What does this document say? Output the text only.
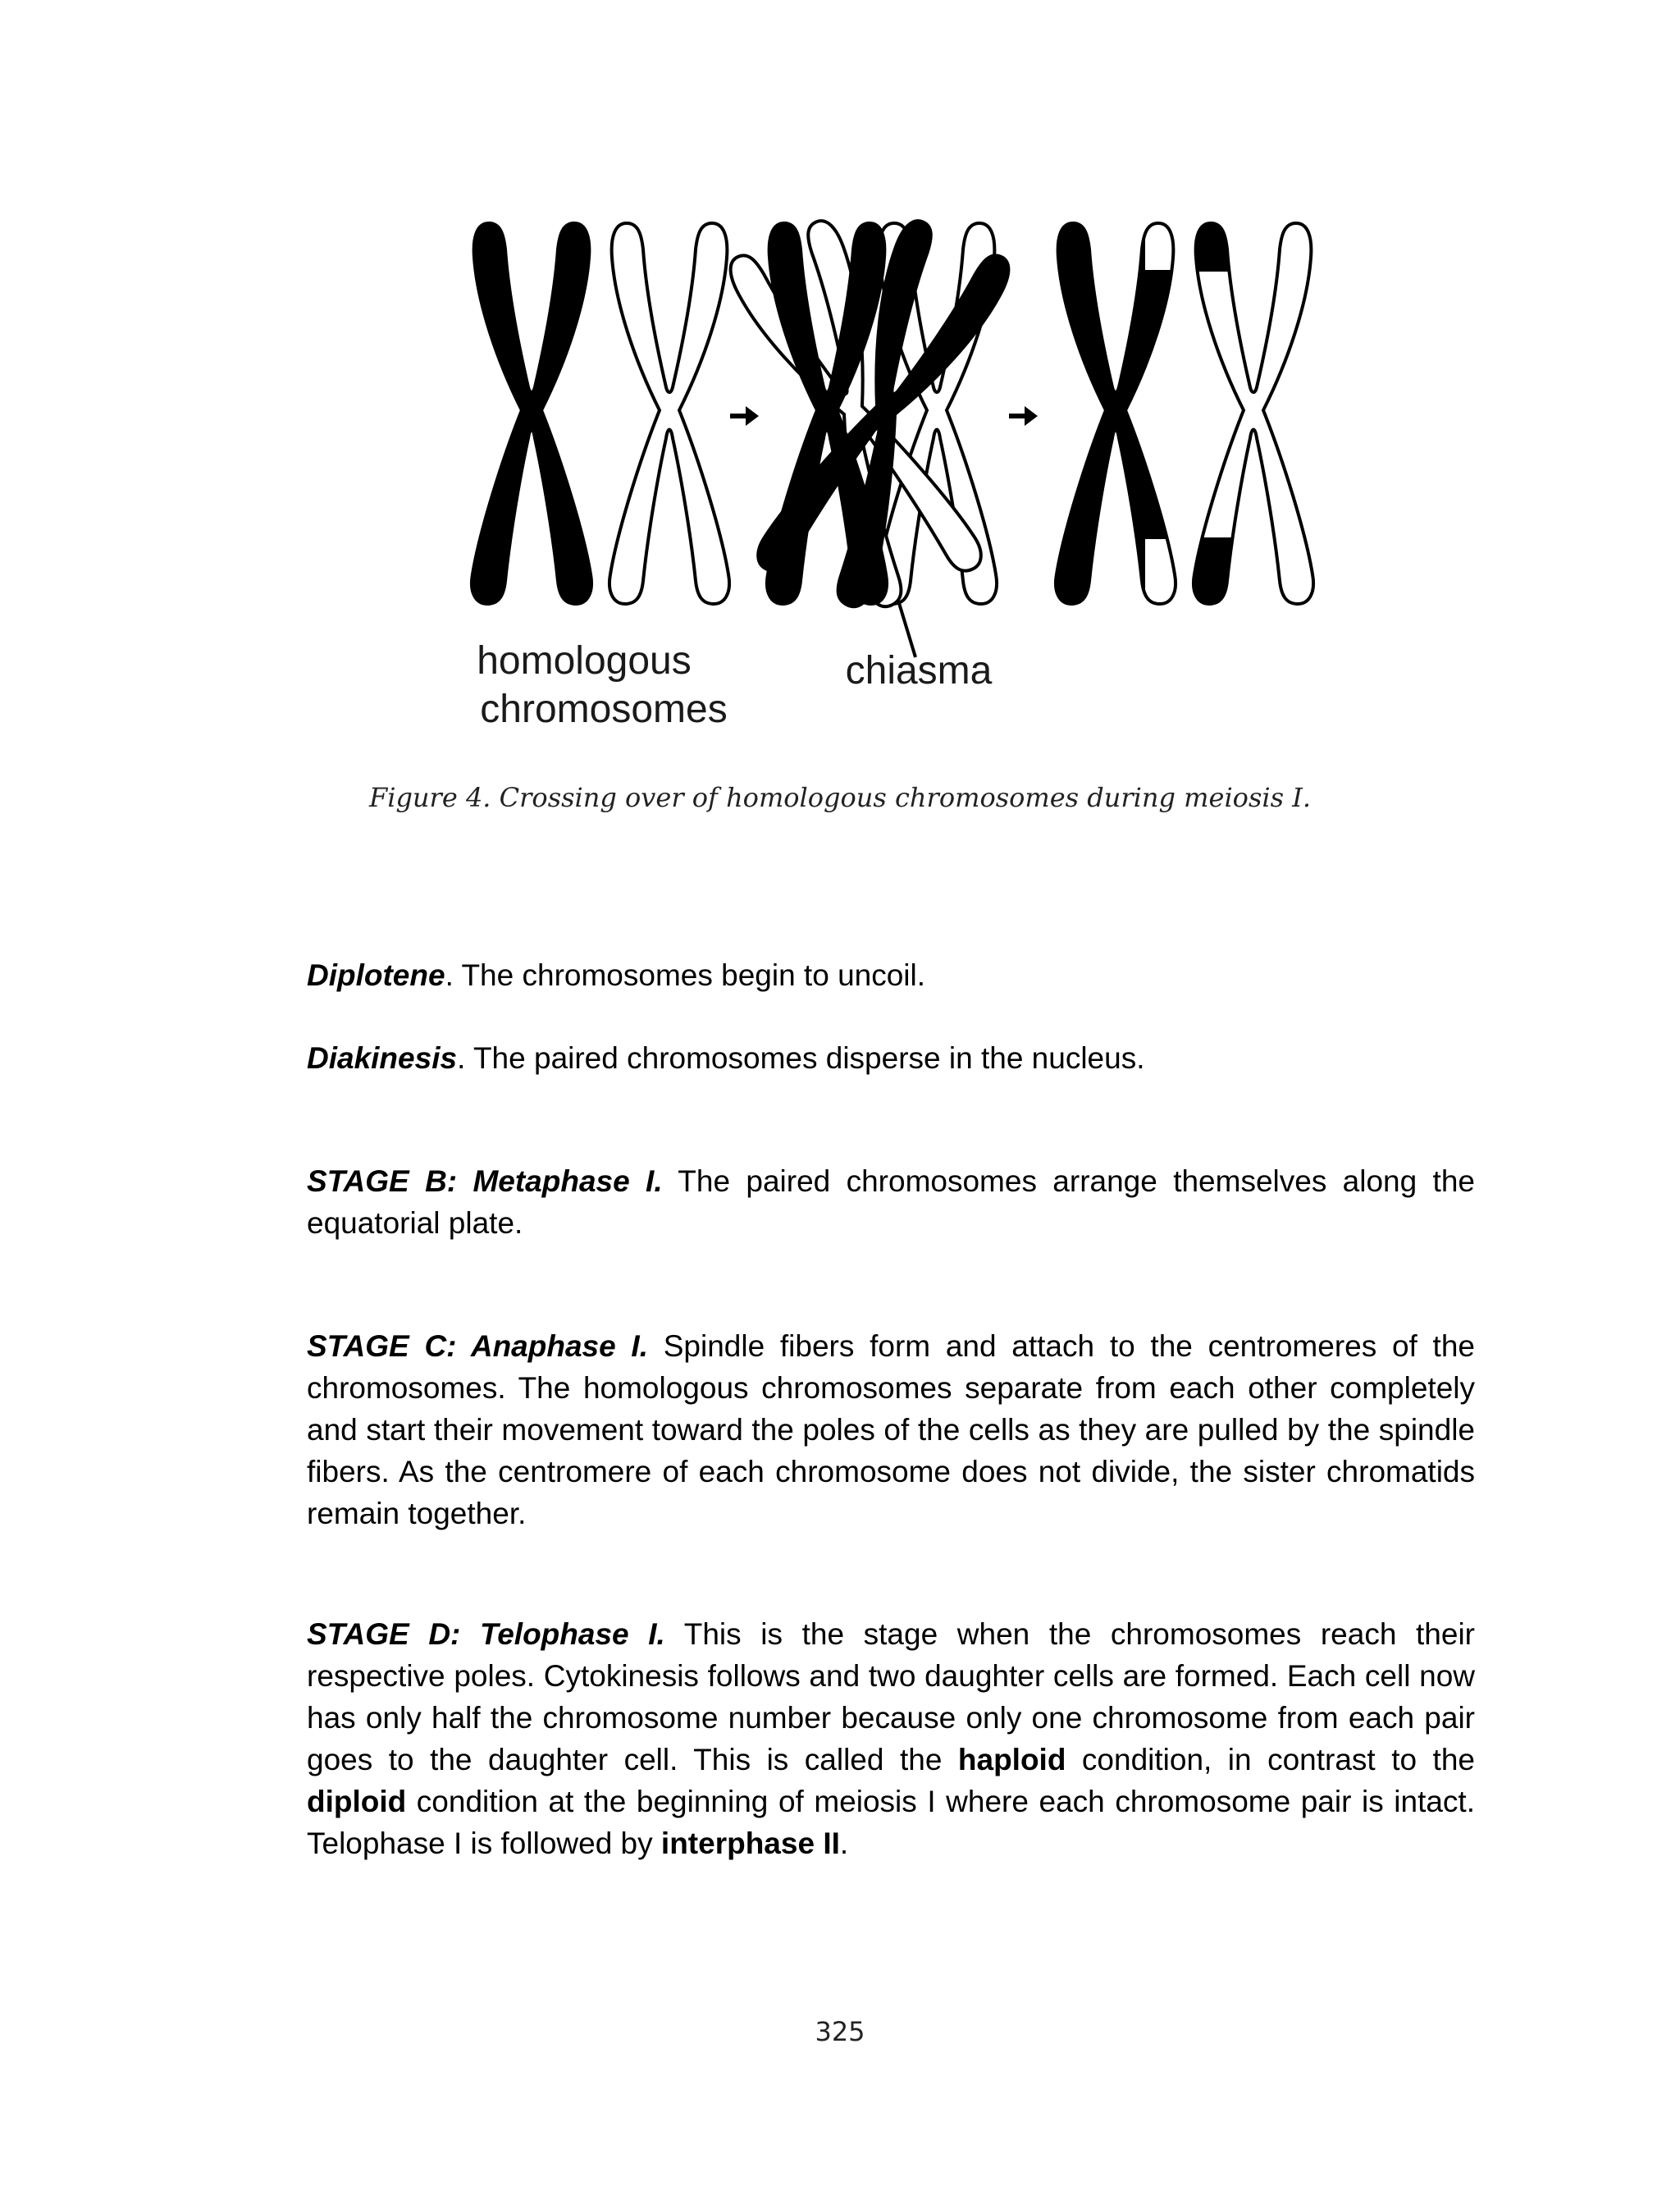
homologous
chromosomes
chiasma
Figure 4. Crossing over of homologous chromosomes during meiosis I.

Diplotene. The chromosomes begin to uncoil.

Diakinesis. The paired chromosomes disperse in the nucleus.

STAGE B: Metaphase I. The paired chromosomes arrange themselves along the equatorial plate.

STAGE C: Anaphase I. Spindle fibers form and attach to the centromeres of the chromosomes. The homologous chromosomes separate from each other completely and start their movement toward the poles of the cells as they are pulled by the spindle fibers. As the centromere of each chromosome does not divide, the sister chromatids remain together.

STAGE D: Telophase I. This is the stage when the chromosomes reach their respective poles. Cytokinesis follows and two daughter cells are formed. Each cell now has only half the chromosome number because only one chromosome from each pair goes to the daughter cell. This is called the haploid condition, in contrast to the diploid condition at the beginning of meiosis I where each chromosome pair is intact. Telophase I is followed by interphase II.

325
